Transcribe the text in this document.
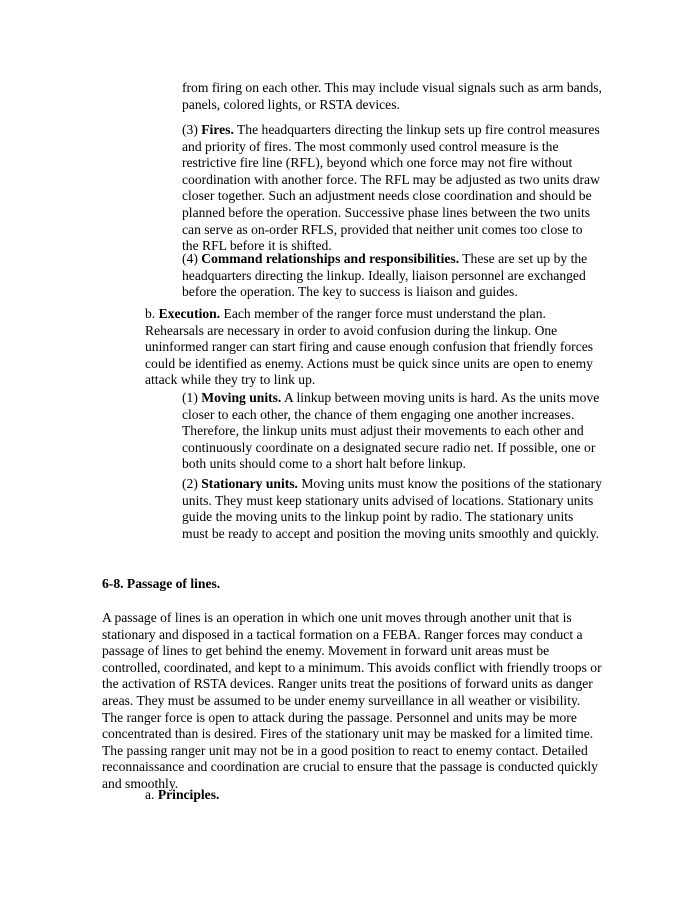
from firing on each other. This may include visual signals such as arm bands, panels, colored lights, or RSTA devices.

(3) Fires. The headquarters directing the linkup sets up fire control measures and priority of fires. The most commonly used control measure is the restrictive fire line (RFL), beyond which one force may not fire without coordination with another force. The RFL may be adjusted as two units draw closer together. Such an adjustment needs close coordination and should be planned before the operation. Successive phase lines between the two units can serve as on-order RFLS, provided that neither unit comes too close to the RFL before it is shifted.

(4) Command relationships and responsibilities. These are set up by the headquarters directing the linkup. Ideally, liaison personnel are exchanged before the operation. The key to success is liaison and guides.

b. Execution. Each member of the ranger force must understand the plan. Rehearsals are necessary in order to avoid confusion during the linkup. One uninformed ranger can start firing and cause enough confusion that friendly forces could be identified as enemy. Actions must be quick since units are open to enemy attack while they try to link up.

(1) Moving units. A linkup between moving units is hard. As the units move closer to each other, the chance of them engaging one another increases. Therefore, the linkup units must adjust their movements to each other and continuously coordinate on a designated secure radio net. If possible, one or both units should come to a short halt before linkup.

(2) Stationary units. Moving units must know the positions of the stationary units. They must keep stationary units advised of locations. Stationary units guide the moving units to the linkup point by radio. The stationary units must be ready to accept and position the moving units smoothly and quickly.

6-8. Passage of lines.

A passage of lines is an operation in which one unit moves through another unit that is stationary and disposed in a tactical formation on a FEBA. Ranger forces may conduct a passage of lines to get behind the enemy. Movement in forward unit areas must be controlled, coordinated, and kept to a minimum. This avoids conflict with friendly troops or the activation of RSTA devices. Ranger units treat the positions of forward units as danger areas. They must be assumed to be under enemy surveillance in all weather or visibility. The ranger force is open to attack during the passage. Personnel and units may be more concentrated than is desired. Fires of the stationary unit may be masked for a limited time. The passing ranger unit may not be in a good position to react to enemy contact. Detailed reconnaissance and coordination are crucial to ensure that the passage is conducted quickly and smoothly.

a. Principles.
